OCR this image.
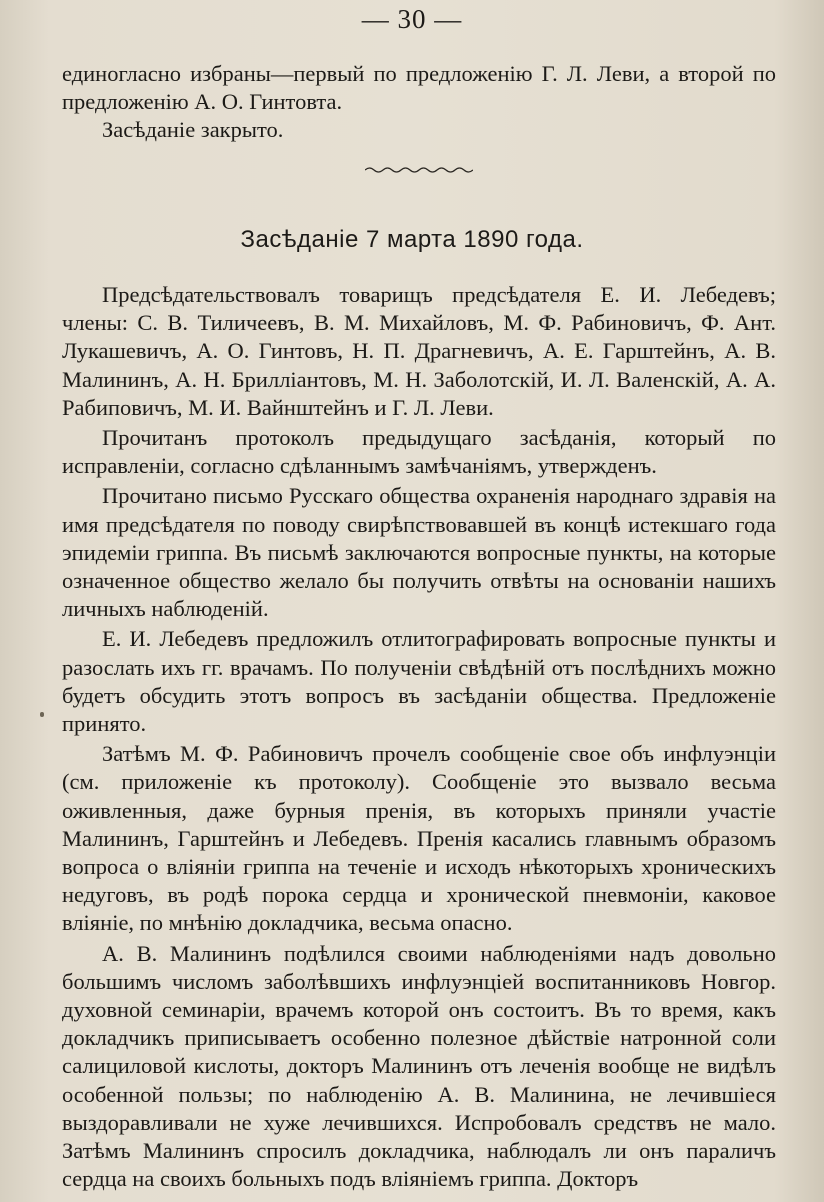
— 30 —

единогласно избраны—первый по предложенію Г. Л. Леви, а второй по предложенію А. О. Гинтовта.

Засѣданіе закрыто.

Засѣданіе 7 марта 1890 года.

Предсѣдательствовалъ товарищъ предсѣдателя Е. И. Лебедевъ; члены: С. В. Тиличеевъ, В. М. Михайловъ, М. Ф. Рабиновичъ, Ф. Ант. Лукашевичъ, А. О. Гинтовъ, Н. П. Драгневичъ, А. Е. Гарштейнъ, А. В. Малининъ, А. Н. Брилліантовъ, М. Н. Заболотскій, И. Л. Валенскій, А. А. Рабиповичъ, М. И. Вайнштейнъ и Г. Л. Леви.

Прочитанъ протоколъ предыдущаго засѣданія, который по исправленіи, согласно сдѣланнымъ замѣчаніямъ, утвержденъ.

Прочитано письмо Русскаго общества охраненія народнаго здравія на имя предсѣдателя по поводу свирѣпствовавшей въ концѣ истекшаго года эпидеміи гриппа. Въ письмѣ заключаются вопросные пункты, на которые означенное общество желало бы получить отвѣты на основаніи нашихъ личныхъ наблюденій.

Е. И. Лебедевъ предложилъ отлитографировать вопросные пункты и разослать ихъ гг. врачамъ. По полученіи свѣдѣній отъ послѣднихъ можно будетъ обсудить этотъ вопросъ въ засѣданіи общества. Предложеніе принято.

Затѣмъ М. Ф. Рабиновичъ прочелъ сообщеніе свое объ инфлуэнціи (см. приложеніе къ протоколу). Сообщеніе это вызвало весьма оживленныя, даже бурныя пренія, въ которыхъ приняли участіе Малининъ, Гарштейнъ и Лебедевъ. Пренія касались главнымъ образомъ вопроса о вліяніи гриппа на теченіе и исходъ нѣкоторыхъ хроническихъ недуговъ, въ родѣ порока сердца и хронической пневмоніи, каковое вліяніе, по мнѣнію докладчика, весьма опасно.

А. В. Малининъ подѣлился своими наблюденіями надъ довольно большимъ числомъ заболѣвшихъ инфлуэнціей воспитанниковъ Новгор. духовной семинаріи, врачемъ которой онъ состоитъ. Въ то время, какъ докладчикъ приписываетъ особенно полезное дѣйствіе натронной соли салициловой кислоты, докторъ Малининъ отъ леченія вообще не видѣлъ особенной пользы; по наблюденію А. В. Малинина, не лечившіеся выздоравливали не хуже лечившихся. Испробовалъ средствъ не мало. Затѣмъ Малининъ спросилъ докладчика, наблюдалъ ли онъ параличъ сердца на своихъ больныхъ подъ вліяніемъ гриппа. Докторъ
